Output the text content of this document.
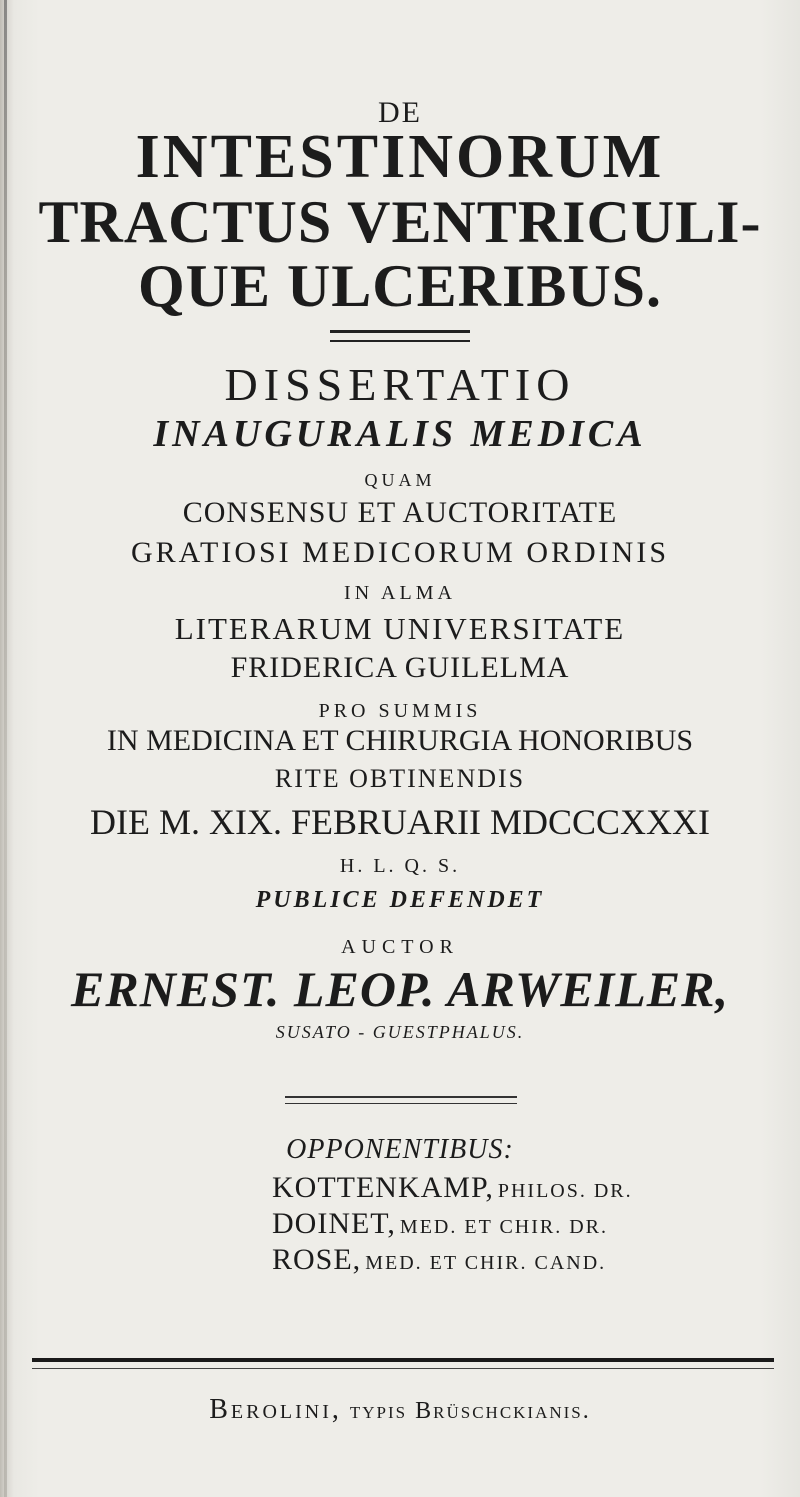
DE
INTESTINORUM
TRACTUS VENTRICULI-
QUE ULCERIBUS.
DISSERTATIO
INAUGURALIS MEDICA
QUAM
CONSENSU ET AUCTORITATE
GRATIOSI MEDICORUM ORDINIS
IN ALMA
LITERARUM UNIVERSITATE
FRIDERICA GUILELMA
PRO SUMMIS
IN MEDICINA ET CHIRURGIA HONORIBUS
RITE OBTINENDIS
DIE M. XIX. FEBRUARII MDCCCXXXI
H. L. Q. S.
PUBLICE DEFENDET
AUCTOR
ERNEST. LEOP. ARWEILER,
SUSATO - GUESTPHALUS.
OPPONENTIBUS:
KOTTENKAMP, PHILOS. DR.
DOINET, MED. ET CHIR. DR.
ROSE, MED. ET CHIR. CAND.
Berolini, typis Brüschckianis.
